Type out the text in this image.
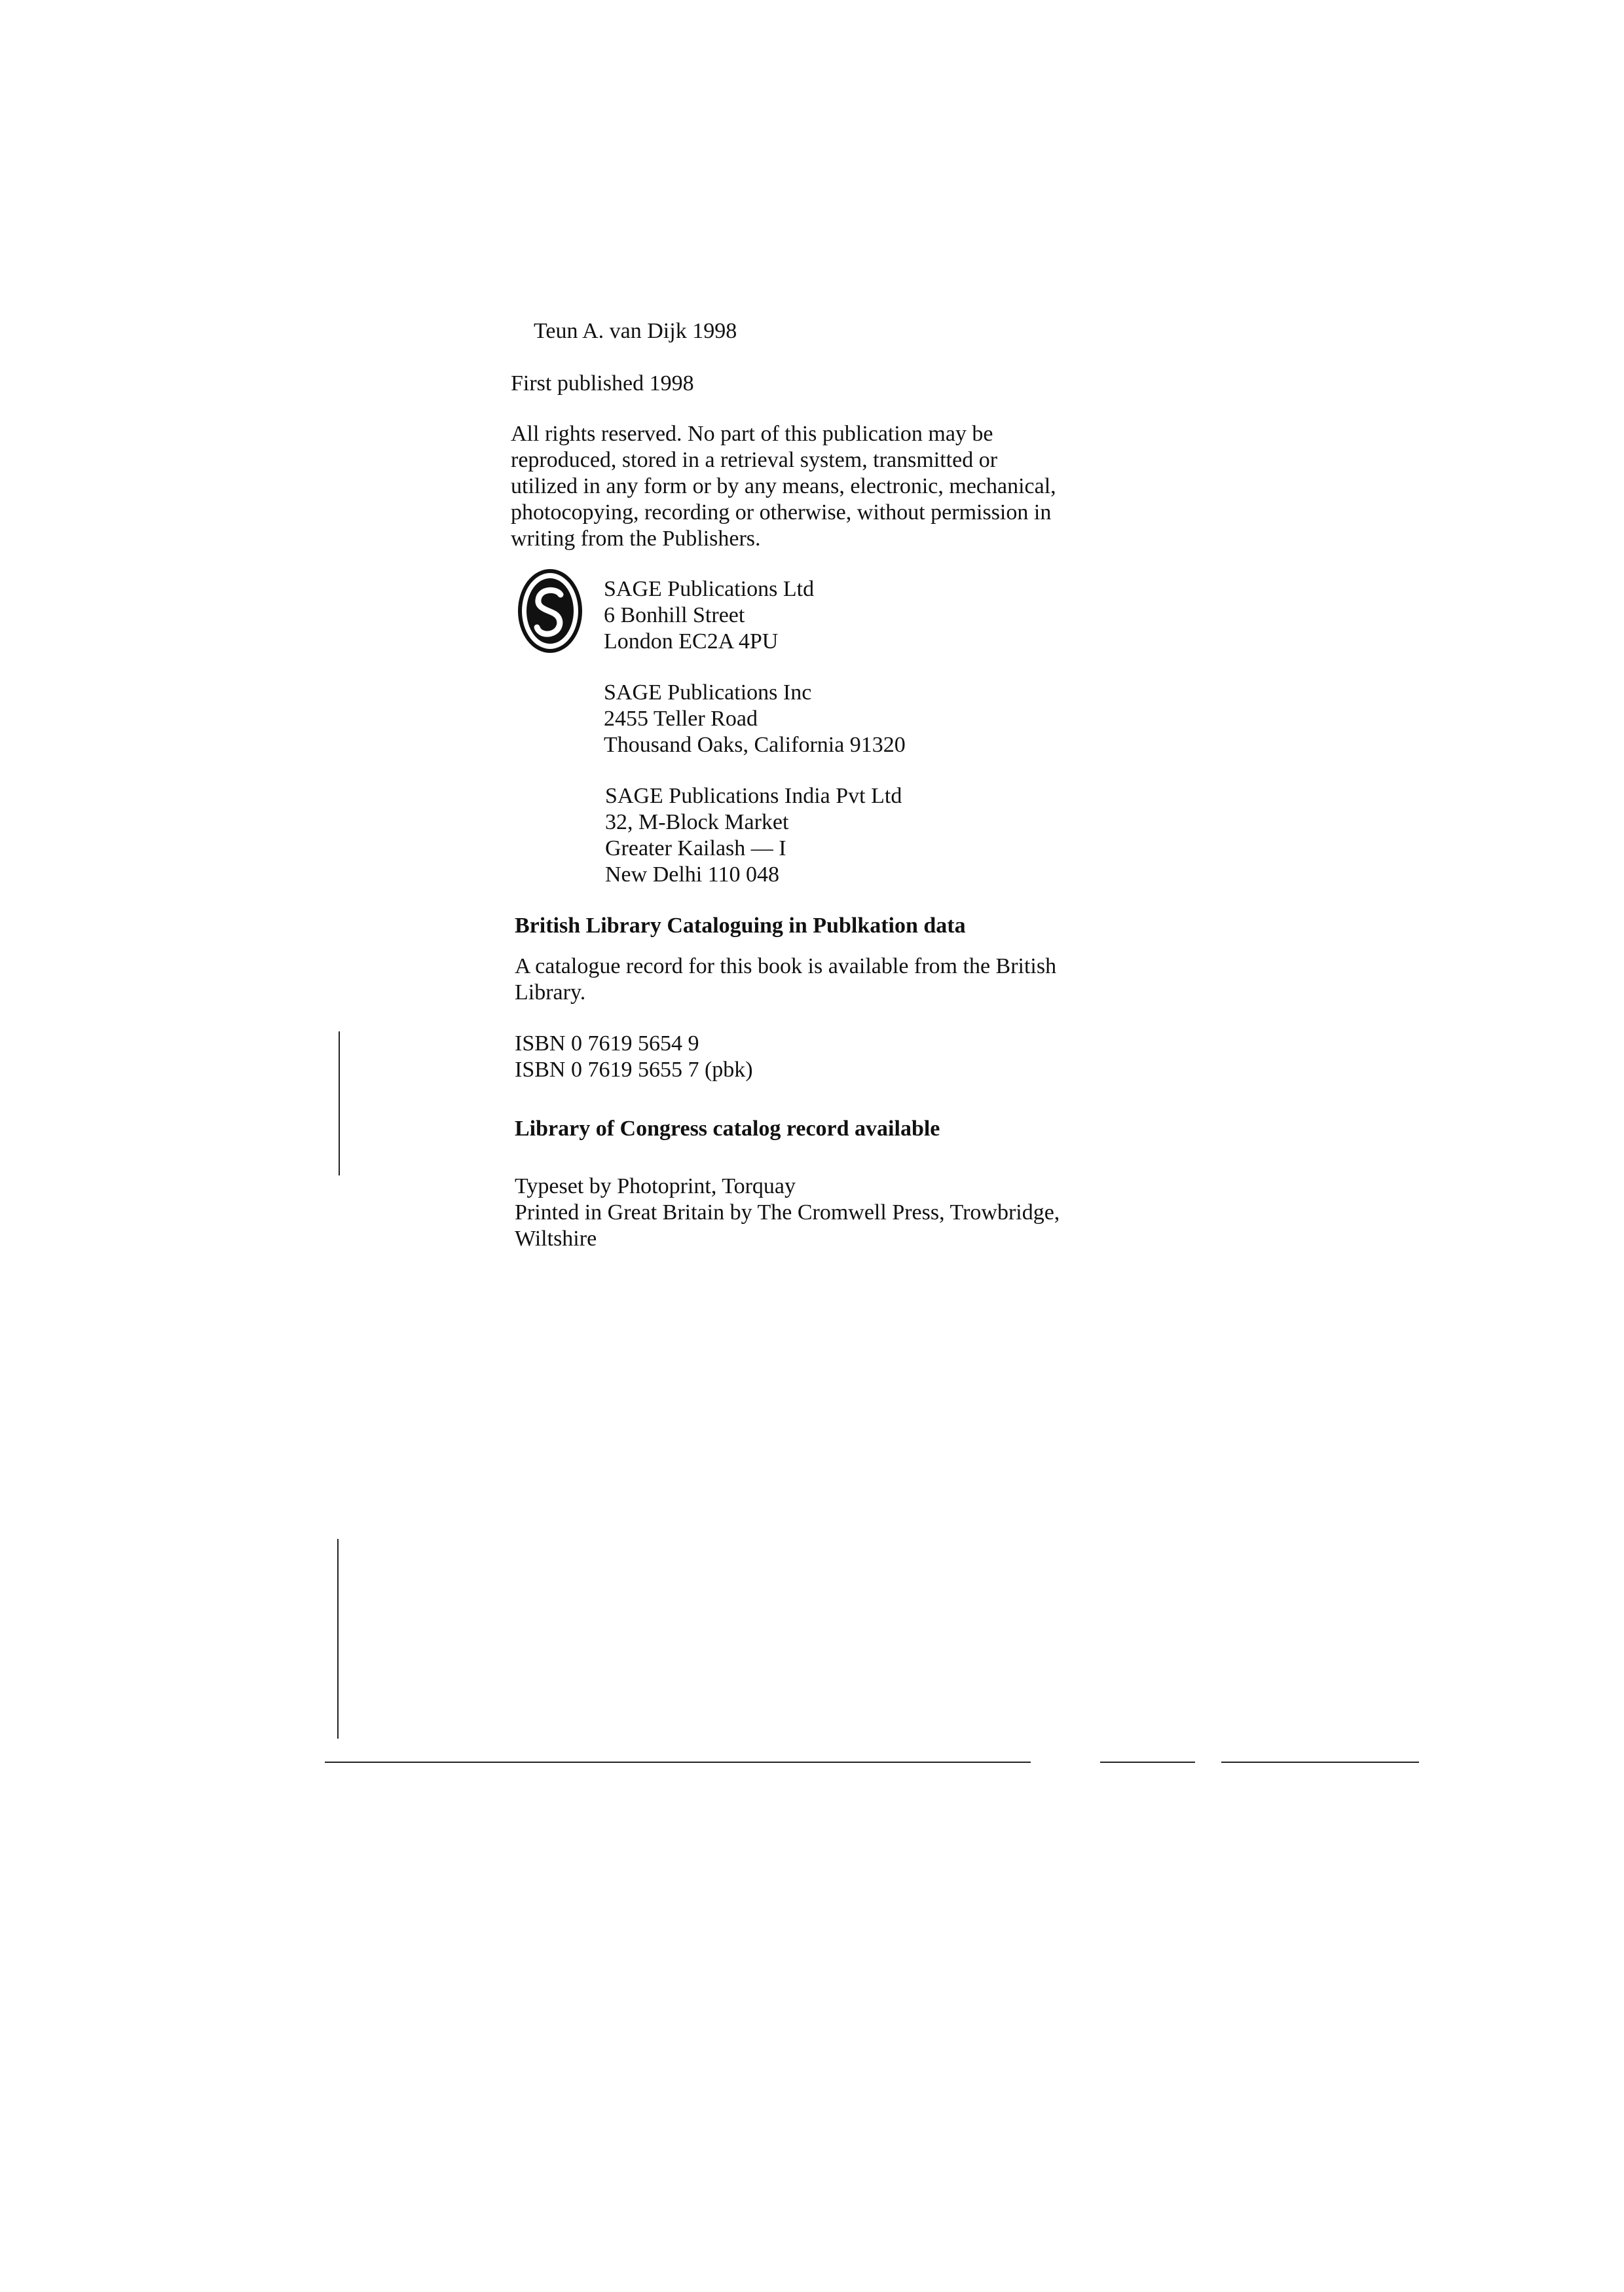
Teun A. van Dijk 1998

First published 1998

All rights reserved. No part of this publication may be
reproduced, stored in a retrieval system, transmitted or
utilized in any form or by any means, electronic, mechanical,
photocopying, recording or otherwise, without permission in
writing from the Publishers.
SAGE Publications Ltd
6 Bonhill Street
London EC2A 4PU
SAGE Publications Inc
2455 Teller Road
Thousand Oaks, California 91320
SAGE Publications India Pvt Ltd
32, M-Block Market
Greater Kailash — I
New Delhi 110 048

British Library Cataloguing in Publkation data

A catalogue record for this book is available from the British
Library.
ISBN 0 7619 5654 9
ISBN 0 7619 5655 7 (pbk)

Library of Congress catalog record available

Typeset by Photoprint, Torquay
Printed in Great Britain by The Cromwell Press, Trowbridge,
Wiltshire
